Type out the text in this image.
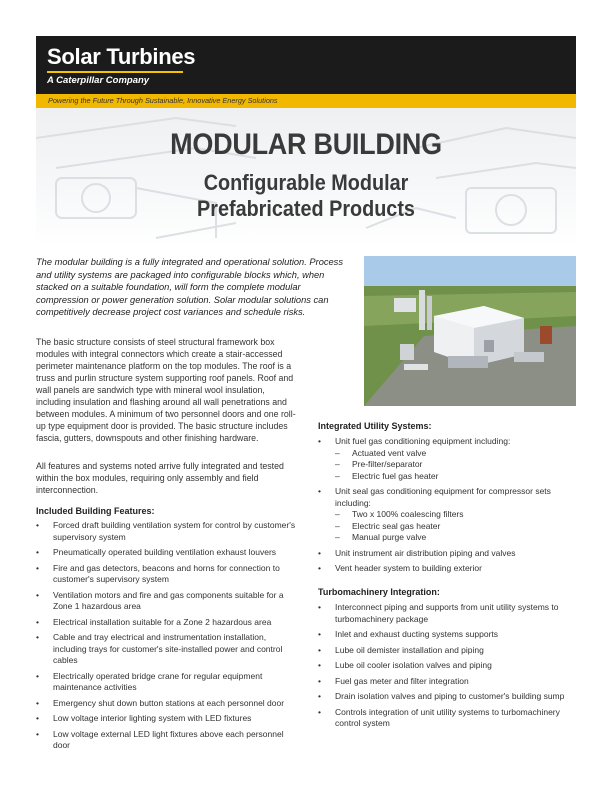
Solar Turbines
A Caterpillar Company
Powering the Future Through Sustainable, Innovative Energy Solutions
MODULAR BUILDING
Configurable Modular
Prefabricated Products

The modular building is a fully integrated and operational solution. Process and utility systems are packaged into configurable blocks which, when stacked on a suitable foundation, will form the complete modular compression or power generation solution. Solar modular solutions can competitively decrease project cost variances and schedule risks.

The basic structure consists of steel structural framework box modules with integral connectors which create a stair-accessed perimeter maintenance platform on the top modules. The roof is a truss and purlin structure system supporting roof panels. Roof and wall panels are sandwich type with mineral wool insulation, including insulation and flashing around all wall penetrations and between modules. A minimum of two personnel doors and one roll-up type equipment door is provided. The basic structure includes fascia, gutters, downspouts and other finishing hardware.

All features and systems noted arrive fully integrated and tested within the box modules, requiring only assembly and field interconnection.

Included Building Features:
• Forced draft building ventilation system for control by customer's supervisory system
• Pneumatically operated building ventilation exhaust louvers
• Fire and gas detectors, beacons and horns for connection to customer's supervisory system
• Ventilation motors and fire and gas components suitable for a Zone 1 hazardous area
• Electrical installation suitable for a Zone 2 hazardous area
• Cable and tray electrical and instrumentation installation, including trays for customer's site-installed power and control cables
• Electrically operated bridge crane for regular equipment maintenance activities
• Emergency shut down button stations at each personnel door
• Low voltage interior lighting system with LED fixtures
• Low voltage external LED light fixtures above each personnel door
Integrated Utility Systems:
• Unit fuel gas conditioning equipment including:
– Actuated vent valve
– Pre-filter/separator
– Electric fuel gas heater
• Unit seal gas conditioning equipment for compressor sets including:
– Two x 100% coalescing filters
– Electric seal gas heater
– Manual purge valve
• Unit instrument air distribution piping and valves
• Vent header system to building exterior
Turbomachinery Integration:
• Interconnect piping and supports from unit utility systems to turbomachinery package
• Inlet and exhaust ducting systems supports
• Lube oil demister installation and piping
• Lube oil cooler isolation valves and piping
• Fuel gas meter and filter integration
• Drain isolation valves and piping to customer's building sump
• Controls integration of unit utility systems to turbomachinery control system
